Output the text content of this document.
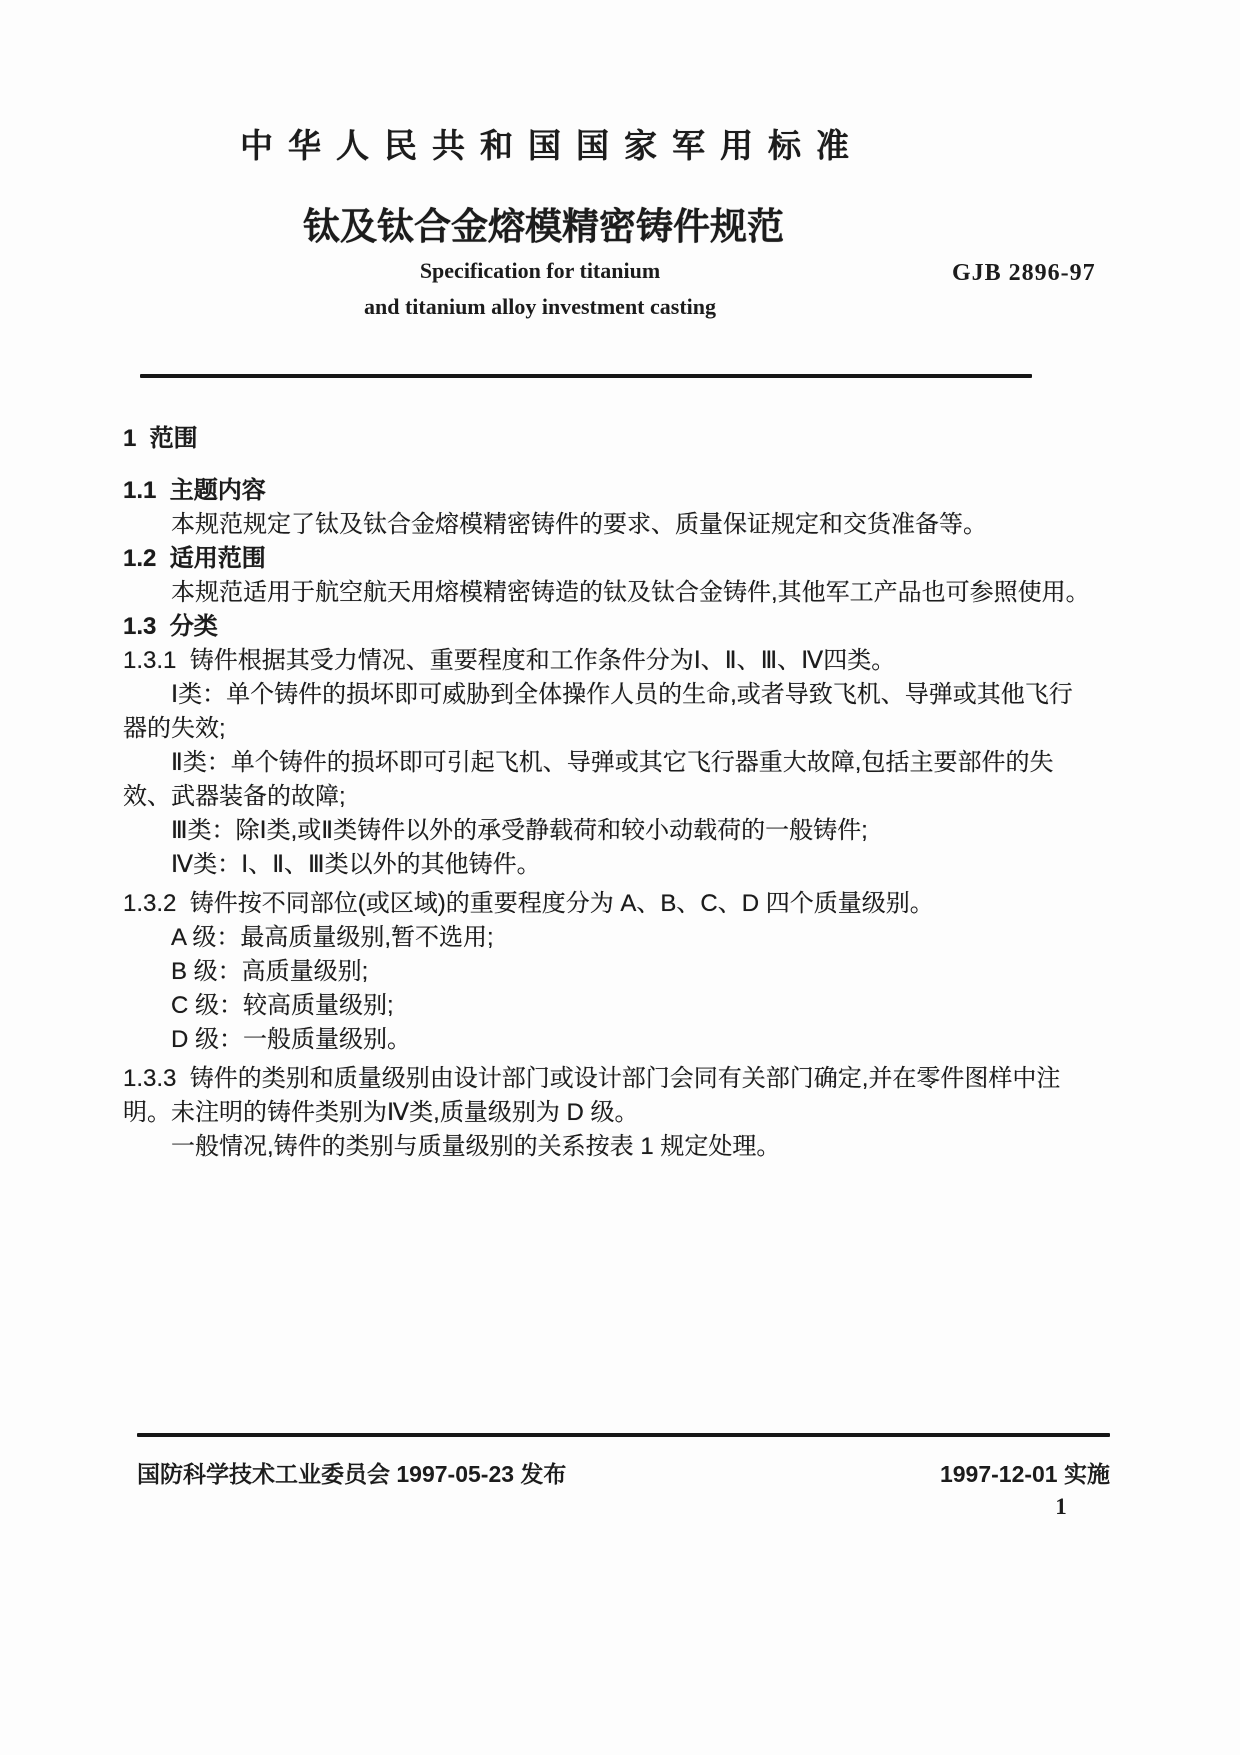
中华人民共和国国家军用标准
钛及钛合金熔模精密铸件规范
Specification for titanium
and titanium alloy investment casting
GJB 2896-97
1  范围
1.1  主题内容
本规范规定了钛及钛合金熔模精密铸件的要求、质量保证规定和交货准备等。
1.2  适用范围
本规范适用于航空航天用熔模精密铸造的钛及钛合金铸件,其他军工产品也可参照使用。
1.3  分类
1.3.1  铸件根据其受力情况、重要程度和工作条件分为Ⅰ、Ⅱ、Ⅲ、Ⅳ四类。
Ⅰ类：单个铸件的损坏即可威胁到全体操作人员的生命,或者导致飞机、导弹或其他飞行
器的失效;
Ⅱ类：单个铸件的损坏即可引起飞机、导弹或其它飞行器重大故障,包括主要部件的失
效、武器装备的故障;
Ⅲ类：除Ⅰ类,或Ⅱ类铸件以外的承受静载荷和较小动载荷的一般铸件;
Ⅳ类：Ⅰ、Ⅱ、Ⅲ类以外的其他铸件。
1.3.2  铸件按不同部位(或区域)的重要程度分为 A、B、C、D 四个质量级别。
A 级：最高质量级别,暂不选用;
B 级：高质量级别;
C 级：较高质量级别;
D 级：一般质量级别。
1.3.3  铸件的类别和质量级别由设计部门或设计部门会同有关部门确定,并在零件图样中注
明。未注明的铸件类别为Ⅳ类,质量级别为 D 级。
一般情况,铸件的类别与质量级别的关系按表 1 规定处理。
国防科学技术工业委员会 1997-05-23 发布	1997-12-01 实施
1
